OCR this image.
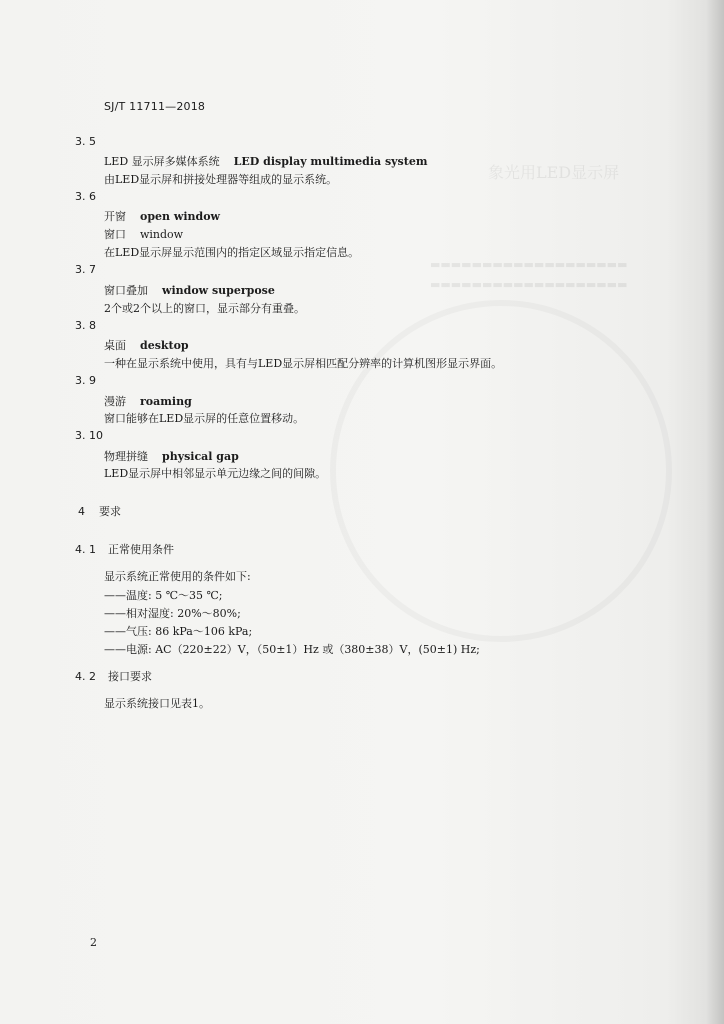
象光用LED显示屏
▬▬▬▬▬▬▬▬▬▬▬▬▬▬▬▬▬▬▬
▬▬▬▬▬▬▬▬▬▬▬▬▬▬▬▬▬▬▬
SJ/T 11711—2018
3. 5
LED 显示屏多媒体系统 LED display multimedia system
由LED显示屏和拼接处理器等组成的显示系统。
3. 6
开窗 open window
窗口 window
在LED显示屏显示范围内的指定区域显示指定信息。
3. 7
窗口叠加 window superpose
2个或2个以上的窗口，显示部分有重叠。
3. 8
桌面 desktop
一种在显示系统中使用，具有与LED显示屏相匹配分辨率的计算机图形显示界面。
3. 9
漫游 roaming
窗口能够在LED显示屏的任意位置移动。
3. 10
物理拼缝 physical gap
LED显示屏中相邻显示单元边缘之间的间隙。
4 要求
4. 1 正常使用条件
显示系统正常使用的条件如下:
——温度: 5 ℃～35 ℃;
——相对湿度: 20%～80%;
——气压: 86 kPa～106 kPa;
——电源: AC（220±22）V，（50±1）Hz 或（380±38）V，(50±1) Hz;
4. 2 接口要求
显示系统接口见表1。
2
